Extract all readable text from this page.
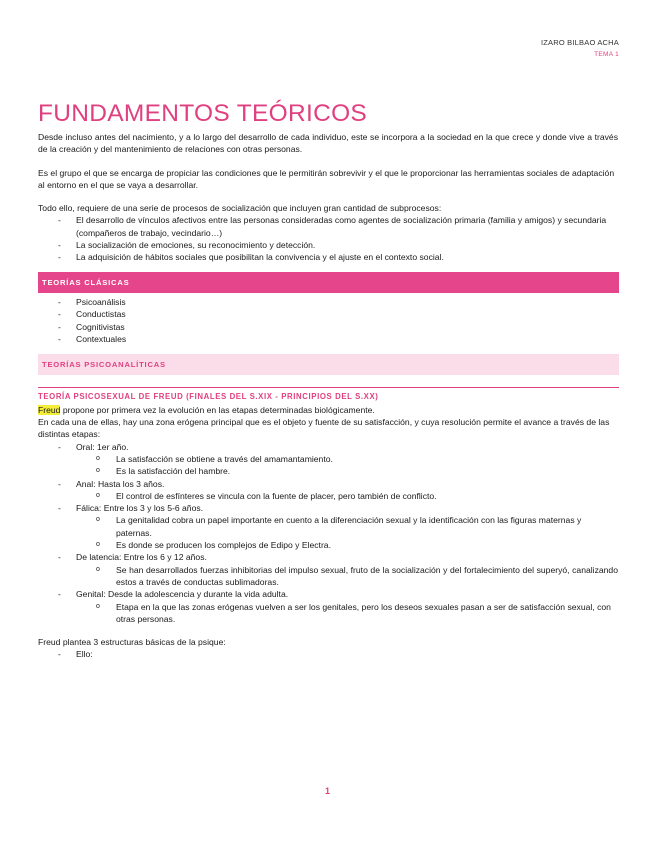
IZARO BILBAO ACHA
TEMA 1
FUNDAMENTOS TEÓRICOS

Desde incluso antes del nacimiento, y a lo largo del desarrollo de cada individuo, este se incorpora a la sociedad en la que crece y donde vive a través de la creación y del mantenimiento de relaciones con otras personas.

Es el grupo el que se encarga de propiciar las condiciones que le permitirán sobrevivir y el que le proporcionar las herramientas sociales de adaptación al entorno en el que se vaya a desarrollar.

Todo ello, requiere de una serie de procesos de socialización que incluyen gran cantidad de subprocesos:

- El desarrollo de vínculos afectivos entre las personas consideradas como agentes de socialización primaria (familia y amigos) y secundaria (compañeros de trabajo, vecindario…)
- La socialización de emociones, su reconocimiento y detección.
- La adquisición de hábitos sociales que posibilitan la convivencia y el ajuste en el contexto social.
TEORÍAS CLÁSICAS
- Psicoanálisis
- Conductistas
- Cognitivistas
- Contextuales
TEORÍAS PSICOANALÍTICAS
TEORÍA PSICOSEXUAL DE FREUD (FINALES DEL S.XIX - PRINCIPIOS DEL S.XX)

Freud propone por primera vez la evolución en las etapas determinadas biológicamente.

En cada una de ellas, hay una zona erógena principal que es el objeto y fuente de su satisfacción, y cuya resolución permite el avance a través de las distintas etapas:

- Oral: 1er año.
o La satisfacción se obtiene a través del amamantamiento.
o Es la satisfacción del hambre.
- Anal: Hasta los 3 años.
o El control de esfínteres se vincula con la fuente de placer, pero también de conflicto.
- Fálica: Entre los 3 y los 5-6 años.
o La genitalidad cobra un papel importante en cuento a la diferenciación sexual y la identificación con las figuras maternas y paternas.
o Es donde se producen los complejos de Edipo y Electra.
- De latencia: Entre los 6 y 12 años.
o Se han desarrollados fuerzas inhibitorias del impulso sexual, fruto de la socialización y del fortalecimiento del superyó, canalizando estos a través de conductas sublimadoras.
- Genital: Desde la adolescencia y durante la vida adulta.
o Etapa en la que las zonas erógenas vuelven a ser los genitales, pero los deseos sexuales pasan a ser de satisfacción sexual, con otras personas.

Freud plantea 3 estructuras básicas de la psique:

- Ello:
1
